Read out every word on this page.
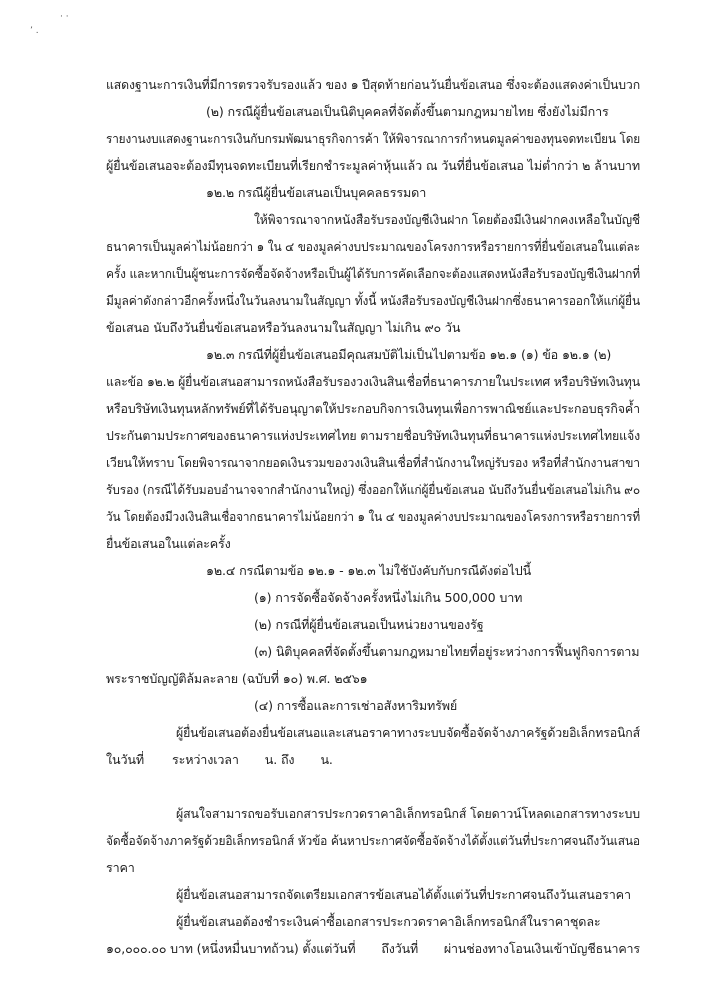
’ .
· ·
แสดงฐานะการเงินที่มีการตรวจรับรองแล้ว ของ ๑ ปีสุดท้ายก่อนวันยื่นข้อเสนอ ซึ่งจะต้องแสดงค่าเป็นบวก
(๒) กรณีผู้ยื่นข้อเสนอเป็นนิติบุคคลที่จัดตั้งขึ้นตามกฎหมายไทย ซึ่งยังไม่มีการ
รายงานงบแสดงฐานะการเงินกับกรมพัฒนาธุรกิจการค้า ให้พิจารณาการกำหนดมูลค่าของทุนจดทะเบียน โดย
ผู้ยื่นข้อเสนอจะต้องมีทุนจดทะเบียนที่เรียกชำระมูลค่าหุ้นแล้ว ณ วันที่ยื่นข้อเสนอ ไม่ต่ำกว่า ๒ ล้านบาท
๑๒.๒ กรณีผู้ยื่นข้อเสนอเป็นบุคคลธรรมดา
ให้พิจารณาจากหนังสือรับรองบัญชีเงินฝาก โดยต้องมีเงินฝากคงเหลือในบัญชี
ธนาคารเป็นมูลค่าไม่น้อยกว่า ๑ ใน ๔ ของมูลค่างบประมาณของโครงการหรือรายการที่ยื่นข้อเสนอในแต่ละ
ครั้ง และหากเป็นผู้ชนะการจัดซื้อจัดจ้างหรือเป็นผู้ได้รับการคัดเลือกจะต้องแสดงหนังสือรับรองบัญชีเงินฝากที่
มีมูลค่าดังกล่าวอีกครั้งหนึ่งในวันลงนามในสัญญา ทั้งนี้ หนังสือรับรองบัญชีเงินฝากซึ่งธนาคารออกให้แก่ผู้ยื่น
ข้อเสนอ นับถึงวันยื่นข้อเสนอหรือวันลงนามในสัญญา ไม่เกิน ๙๐ วัน
๑๒.๓ กรณีที่ผู้ยื่นข้อเสนอมีคุณสมบัติไม่เป็นไปตามข้อ ๑๒.๑ (๑) ข้อ ๑๒.๑ (๒)
และข้อ ๑๒.๒ ผู้ยื่นข้อเสนอสามารถหนังสือรับรองวงเงินสินเชื่อที่ธนาคารภายในประเทศ หรือบริษัทเงินทุน
หรือบริษัทเงินทุนหลักทรัพย์ที่ได้รับอนุญาตให้ประกอบกิจการเงินทุนเพื่อการพาณิชย์และประกอบธุรกิจค้ำ
ประกันตามประกาศของธนาคารแห่งประเทศไทย ตามรายชื่อบริษัทเงินทุนที่ธนาคารแห่งประเทศไทยแจ้ง
เวียนให้ทราบ โดยพิจารณาจากยอดเงินรวมของวงเงินสินเชื่อที่สำนักงานใหญ่รับรอง หรือที่สำนักงานสาขา
รับรอง (กรณีได้รับมอบอำนาจจากสำนักงานใหญ่) ซึ่งออกให้แก่ผู้ยื่นข้อเสนอ นับถึงวันยื่นข้อเสนอไม่เกิน ๙๐
วัน โดยต้องมีวงเงินสินเชื่อจากธนาคารไม่น้อยกว่า ๑ ใน ๔ ของมูลค่างบประมาณของโครงการหรือรายการที่
ยื่นข้อเสนอในแต่ละครั้ง
๑๒.๔ กรณีตามข้อ ๑๒.๑ - ๑๒.๓ ไม่ใช้บังคับกับกรณีดังต่อไปนี้
(๑) การจัดซื้อจัดจ้างครั้งหนึ่งไม่เกิน 500,000 บาท
(๒) กรณีที่ผู้ยื่นข้อเสนอเป็นหน่วยงานของรัฐ
(๓) นิติบุคคลที่จัดตั้งขึ้นตามกฎหมายไทยที่อยู่ระหว่างการฟื้นฟูกิจการตาม
พระราชบัญญัติล้มละลาย (ฉบับที่ ๑๐) พ.ศ. ๒๕๖๑
(๔) การซื้อและการเช่าอสังหาริมทรัพย์
ผู้ยื่นข้อเสนอต้องยื่นข้อเสนอและเสนอราคาทางระบบจัดซื้อจัดจ้างภาครัฐด้วยอิเล็กทรอนิกส์
ในวันที่ ระหว่างเวลา น. ถึง น.
ผู้สนใจสามารถขอรับเอกสารประกวดราคาอิเล็กทรอนิกส์ โดยดาวน์โหลดเอกสารทางระบบ
จัดซื้อจัดจ้างภาครัฐด้วยอิเล็กทรอนิกส์ หัวข้อ ค้นหาประกาศจัดซื้อจัดจ้างได้ตั้งแต่วันที่ประกาศจนถึงวันเสนอ
ราคา
ผู้ยื่นข้อเสนอสามารถจัดเตรียมเอกสารข้อเสนอได้ตั้งแต่วันที่ประกาศจนถึงวันเสนอราคา
ผู้ยื่นข้อเสนอต้องชำระเงินค่าซื้อเอกสารประกวดราคาอิเล็กทรอนิกส์ในราคาชุดละ
๑๐,๐๐๐.๐๐ บาท (หนึ่งหมื่นบาทถ้วน) ตั้งแต่วันที่ ถึงวันที่ ผ่านช่องทางโอนเงินเข้าบัญชีธนาคาร
